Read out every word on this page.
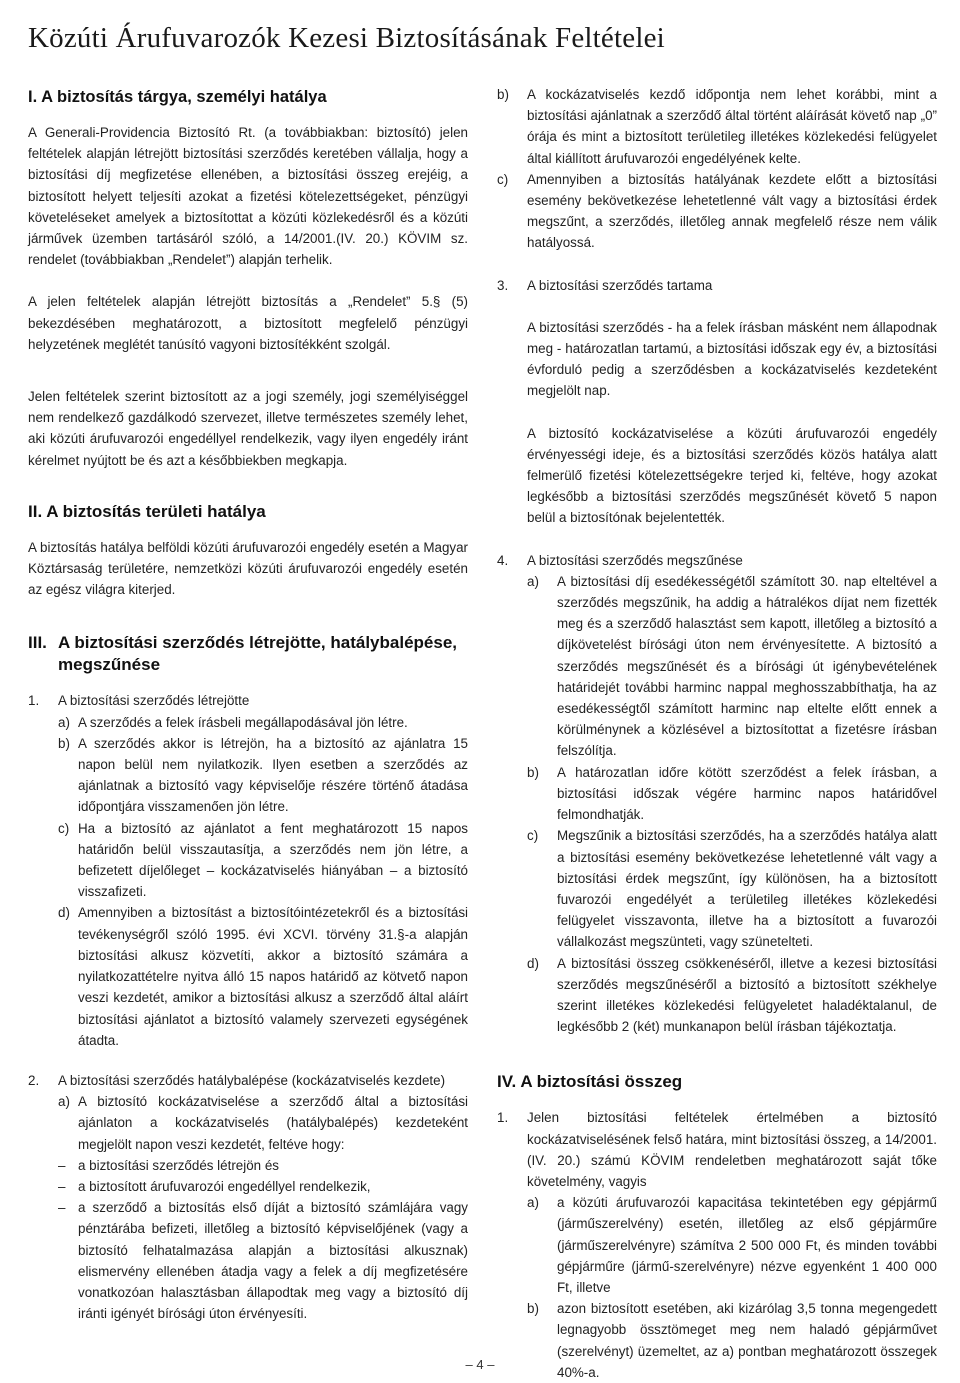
Közúti Árufuvarozók Kezesi Biztosításának Feltételei
I. A biztosítás tárgya, személyi hatálya

A Generali-Providencia Biztosító Rt. (a továbbiakban: biztosító) jelen feltételek alapján létrejött biztosítási szerződés keretében vállalja, hogy a biztosítási díj megfizetése ellenében, a biztosítási összeg erejéig, a biztosított helyett teljesíti azokat a fizetési kötelezettségeket, pénzügyi követeléseket amelyek a biztosítottat a közúti közlekedésről és a közúti járművek üzemben tartásáról szóló, a 14/2001.(IV. 20.) KÖVIM sz. rendelet (továbbiakban „Rendelet”) alapján terhelik.

A jelen feltételek alapján létrejött biztosítás a „Rendelet” 5.§ (5) bekezdésében meghatározott, a biztosított megfelelő pénzügyi helyzetének meglétét tanúsító vagyoni biztosítékként szolgál.

Jelen feltételek szerint biztosított az a jogi személy, jogi személyiséggel nem rendelkező gazdálkodó szervezet, illetve természetes személy lehet, aki közúti árufuvarozói engedéllyel rendelkezik, vagy ilyen engedély iránt kérelmet nyújtott be és azt a későbbiekben megkapja.

II. A biztosítás területi hatálya

A biztosítás hatálya belföldi közúti árufuvarozói engedély esetén a Magyar Köztársaság területére, nemzetközi közúti árufuvarozói engedély esetén az egész világra kiterjed.

III. A biztosítási szerződés létrejötte, hatálybalépése, megszűnése
1.	A biztosítási szerződés létrejötte
a) A szerződés a felek írásbeli megállapodásával jön létre.
b) A szerződés akkor is létrejön, ha a biztosító az ajánlatra 15 napon belül nem nyilatkozik. Ilyen esetben a szerződés az ajánlatnak a biztosító vagy képviselője részére történő átadása időpontjára visszamenően jön létre.
c) Ha a biztosító az ajánlatot a fent meghatározott 15 napos határidőn belül visszautasítja, a szerződés nem jön létre, a befizetett díjelőleget – kockázatviselés hiányában – a biztosító visszafizeti.
d) Amennyiben a biztosítást a biztosítóintézetekről és a biztosítási tevékenységről szóló 1995. évi XCVI. törvény 31.§-a alapján biztosítási alkusz közvetíti, akkor a biztosító számára a nyilatkozattételre nyitva álló 15 napos határidő az kötvető napon veszi kezdetét, amikor a biztosítási alkusz a szerződő által aláírt biztosítási ajánlatot a biztosító valamely szervezeti egységének átadta.
2.	A biztosítási szerződés hatálybalépése (kockázatviselés kezdete)
a) A biztosító kockázatviselése a szerződő által a biztosítási ajánlaton a kockázatviselés (hatálybalépés) kezdeteként megjelölt napon veszi kezdetét, feltéve hogy:
– a biztosítási szerződés létrejön és
– a biztosított árufuvarozói engedéllyel rendelkezik,
– a szerződő a biztosítás első díját a biztosító számlájára vagy pénztárába befizeti, illetőleg a biztosító képviselőjének (vagy a biztosító felhatalmazása alapján a biztosítási alkusznak) elismervény ellenében átadja vagy a felek a díj megfizetésére vonatkozóan halasztásban állapodtak meg vagy a biztosító díj iránti igényét bírósági úton érvényesíti.
b)	A kockázatviselés kezdő időpontja nem lehet korábbi, mint a biztosítási ajánlatnak a szerződő által történt aláírását követő nap „0” órája és mint a biztosított területileg illetékes közlekedési felügyelet által kiállított árufuvarozói engedélyének kelte.
c)	Amennyiben a biztosítás hatályának kezdete előtt a biztosítási esemény bekövetkezése lehetetlenné vált vagy a biztosítási érdek megszűnt, a szerződés, illetőleg annak megfelelő része nem válik hatályossá.
3.	A biztosítási szerződés tartama

A biztosítási szerződés - ha a felek írásban másként nem állapodnak meg - határozatlan tartamú, a biztosítási időszak egy év, a biztosítási évforduló pedig a szerződésben a kockázatviselés kezdeteként megjelölt nap.

A biztosító kockázatviselése a közúti árufuvarozói engedély érvényességi ideje, és a biztosítási szerződés közös hatálya alatt felmerülő fizetési kötelezettségekre terjed ki, feltéve, hogy azokat legkésőbb a biztosítási szerződés megszűnését követő 5 napon belül a biztosítónak bejelentették.

4.	A biztosítási szerződés megszűnése
a)	A biztosítási díj esedékességétől számított 30. nap elteltével a szerződés megszűnik, ha addig a hátralékos díjat nem fizették meg és a szerződő halasztást sem kapott, illetőleg a biztosító a díjkövetelést bírósági úton nem érvényesítette. A biztosító a szerződés megszűnését és a bírósági út igénybevételének határidejét további harminc nappal meghosszabbíthatja, ha az esedékességtől számított harminc nap eltelte előtt ennek a körülménynek a közlésével a biztosítottat a fizetésre írásban felszólítja.
b)	A határozatlan időre kötött szerződést a felek írásban, a biztosítási időszak végére harminc napos határidővel felmondhatják.
c)	Megszűnik a biztosítási szerződés, ha a szerződés hatálya alatt a biztosítási esemény bekövetkezése lehetetlenné vált vagy a biztosítási érdek megszűnt, így különösen, ha a biztosított fuvarozói engedélyét a területileg illetékes közlekedési felügyelet visszavonta, illetve ha a biztosított a fuvarozói vállalkozást megszünteti, vagy szünetelteti.
d)	A biztosítási összeg csökkenéséről, illetve a kezesi biztosítási szerződés megszűnéséről a biztosító a biztosított székhelye szerint illetékes közlekedési felügyeletet haladéktalanul, de legkésőbb 2 (két) munkanapon belül írásban tájékoztatja.
IV. A biztosítási összeg
1.	Jelen biztosítási feltételek értelmében a biztosító kockázatviselésének felső határa, mint biztosítási összeg, a 14/2001. (IV. 20.) számú KÖVIM rendeletben meghatározott saját tőke követelmény, vagyis
a)	a közúti árufuvarozói kapacitása tekintetében egy gépjármű (járműszerelvény) esetén, illetőleg az első gépjárműre (járműszerelvényre) számítva 2 500 000 Ft, és minden további gépjárműre (jármű-szerelvényre) nézve egyenként 1 400 000 Ft, illetve
b)	azon biztosított esetében, aki kizárólag 3,5 tonna megengedett legnagyobb össztömeget meg nem haladó gépjárművet (szerelvényt) üzemeltet, az a) pontban meghatározott összegek 40%-a.
– 4 –
